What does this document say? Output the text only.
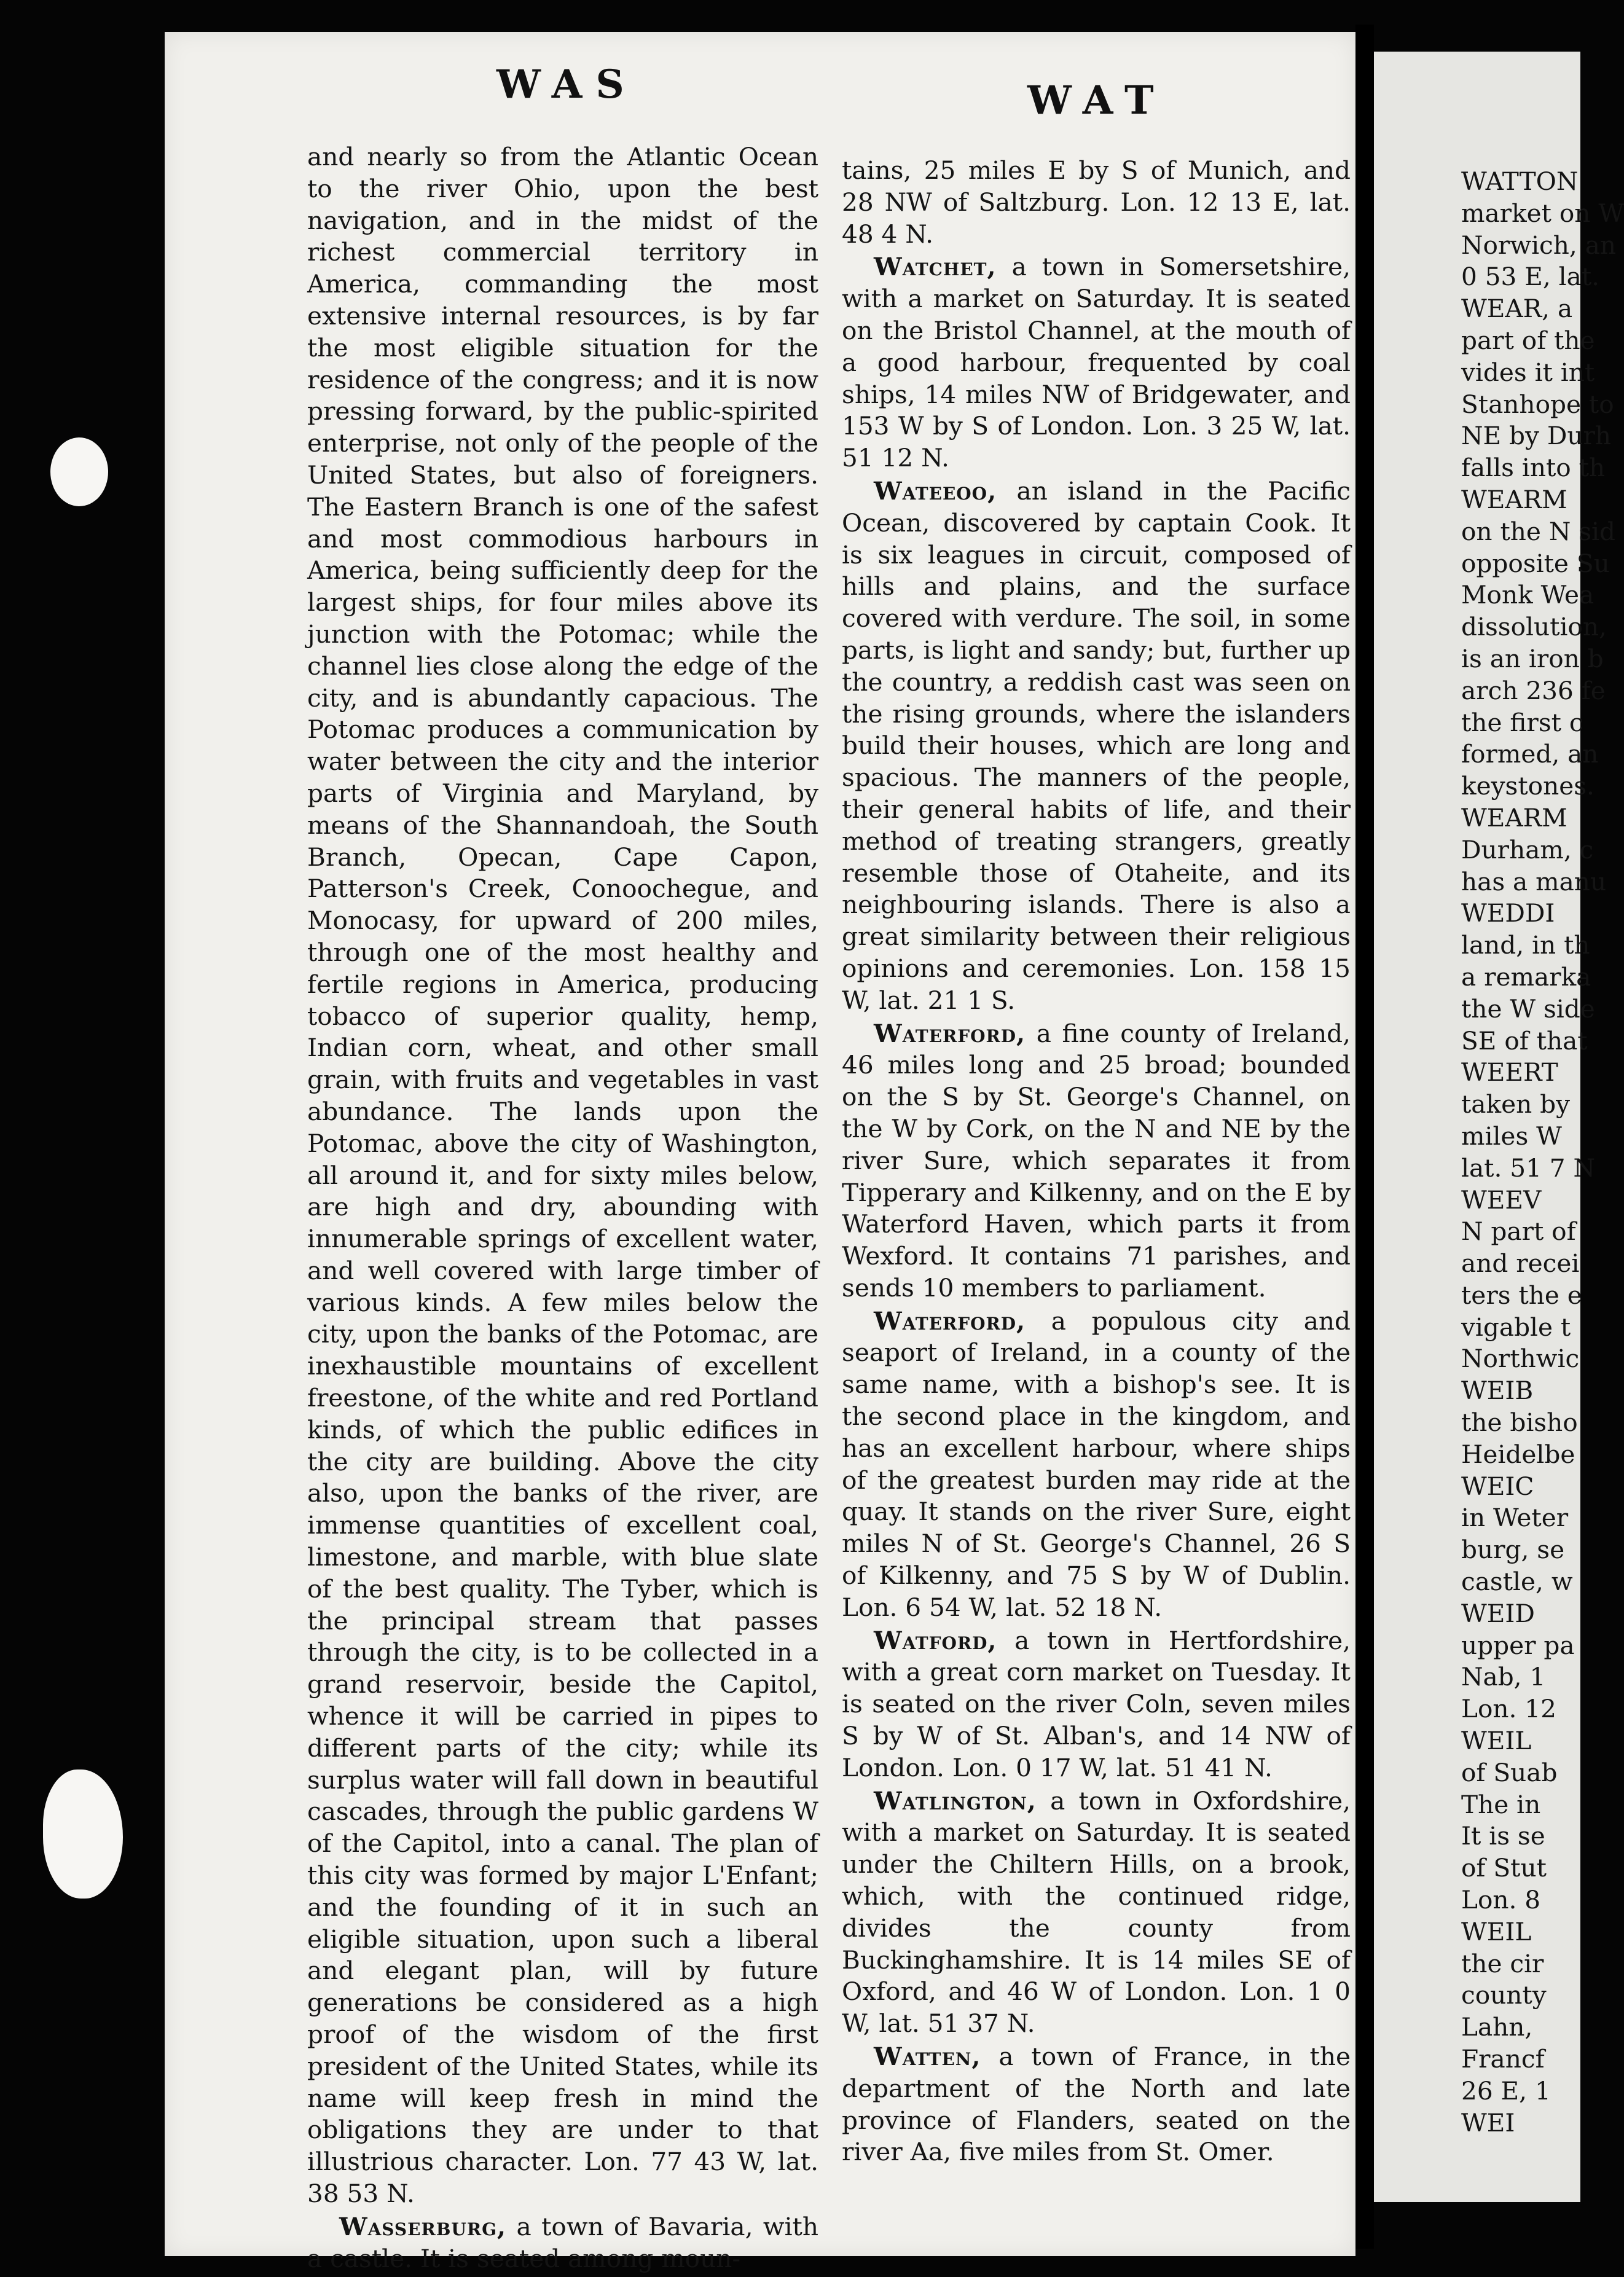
WAS	WAT

and nearly so from the Atlantic Ocean to the river Ohio, upon the best navigation, and in the midst of the richest commercial territory in America, commanding the most extensive internal resources, is by far the most eligible situation for the residence of the congress; and it is now pressing forward, by the public-spirited enterprise, not only of the people of the United States, but also of foreigners. The Eastern Branch is one of the safest and most commodious harbours in America, being sufficiently deep for the largest ships, for four miles above its junction with the Potomac; while the channel lies close along the edge of the city, and is abundantly capacious. The Potomac produces a communication by water between the city and the interior parts of Virginia and Maryland, by means of the Shannandoah, the South Branch, Opecan, Cape Capon, Patterson's Creek, Conoochegue, and Monocasy, for upward of 200 miles, through one of the most healthy and fertile regions in America, producing tobacco of superior quality, hemp, Indian corn, wheat, and other small grain, with fruits and vegetables in vast abundance. The lands upon the Potomac, above the city of Washington, all around it, and for sixty miles below, are high and dry, abounding with innumerable springs of excellent water, and well covered with large timber of various kinds. A few miles below the city, upon the banks of the Potomac, are inexhaustible mountains of excellent freestone, of the white and red Portland kinds, of which the public edifices in the city are building. Above the city also, upon the banks of the river, are immense quantities of excellent coal, limestone, and marble, with blue slate of the best quality. The Tyber, which is the principal stream that passes through the city, is to be collected in a grand reservoir, beside the Capitol, whence it will be carried in pipes to different parts of the city; while its surplus water will fall down in beautiful cascades, through the public gardens W of the Capitol, into a canal. The plan of this city was formed by major L'Enfant; and the founding of it in such an eligible situation, upon such a liberal and elegant plan, will by future generations be considered as a high proof of the wisdom of the first president of the United States, while its name will keep fresh in mind the obligations they are under to that illustrious character. Lon. 77 43 W, lat. 38 53 N.

Wasserburg, a town of Bavaria, with a castle. It is seated among moun-

tains, 25 miles E by S of Munich, and 28 NW of Saltzburg. Lon. 12 13 E, lat. 48 4 N.

Watchet, a town in Somersetshire, with a market on Saturday. It is seated on the Bristol Channel, at the mouth of a good harbour, frequented by coal ships, 14 miles NW of Bridgewater, and 153 W by S of London. Lon. 3 25 W, lat. 51 12 N.

Wateeoo, an island in the Pacific Ocean, discovered by captain Cook. It is six leagues in circuit, composed of hills and plains, and the surface covered with verdure. The soil, in some parts, is light and sandy; but, further up the country, a reddish cast was seen on the rising grounds, where the islanders build their houses, which are long and spacious. The manners of the people, their general habits of life, and their method of treating strangers, greatly resemble those of Otaheite, and its neighbouring islands. There is also a great similarity between their religious opinions and ceremonies. Lon. 158 15 W, lat. 21 1 S.

Waterford, a fine county of Ireland, 46 miles long and 25 broad; bounded on the S by St. George's Channel, on the W by Cork, on the N and NE by the river Sure, which separates it from Tipperary and Kilkenny, and on the E by Waterford Haven, which parts it from Wexford. It contains 71 parishes, and sends 10 members to parliament.

Waterford, a populous city and seaport of Ireland, in a county of the same name, with a bishop's see. It is the second place in the kingdom, and has an excellent harbour, where ships of the greatest burden may ride at the quay. It stands on the river Sure, eight miles N of St. George's Channel, 26 S of Kilkenny, and 75 S by W of Dublin. Lon. 6 54 W, lat. 52 18 N.

Watford, a town in Hertfordshire, with a great corn market on Tuesday. It is seated on the river Coln, seven miles S by W of St. Alban's, and 14 NW of London. Lon. 0 17 W, lat. 51 41 N.

Watlington, a town in Oxfordshire, with a market on Saturday. It is seated under the Chiltern Hills, on a brook, which, with the continued ridge, divides the county from Buckinghamshire. It is 14 miles SE of Oxford, and 46 W of London. Lon. 1 0 W, lat. 51 37 N.

Watten, a town of France, in the department of the North and late province of Flanders, seated on the river Aa, five miles from St. Omer.

WATTON

market on W

Norwich, an

0 53 E, lat.

WEAR, a

part of the

vides it int

Stanhope to

NE by Durh

falls into th

WEARM

on the N sid

opposite Su

Monk Wea

dissolution,

is an iron b

arch 236 fe

the first c

formed, an

keystones.

WEARM

Durham, c

has a manu

WEDDI

land, in th

a remarka

the W side

SE of that

WEERT

taken by

miles W

lat. 51 7 N

WEEV

N part of

and recei

ters the e

vigable t

Northwic

WEIB

the bisho

Heidelbe

WEIC

in Weter

burg, se

castle, w

WEID

upper pa

Nab, 1

Lon. 12

WEIL

of Suab

The in

It is se

of Stut

Lon. 8

WEIL

the cir

county

Lahn,

Francf

26 E, 1

WEI
